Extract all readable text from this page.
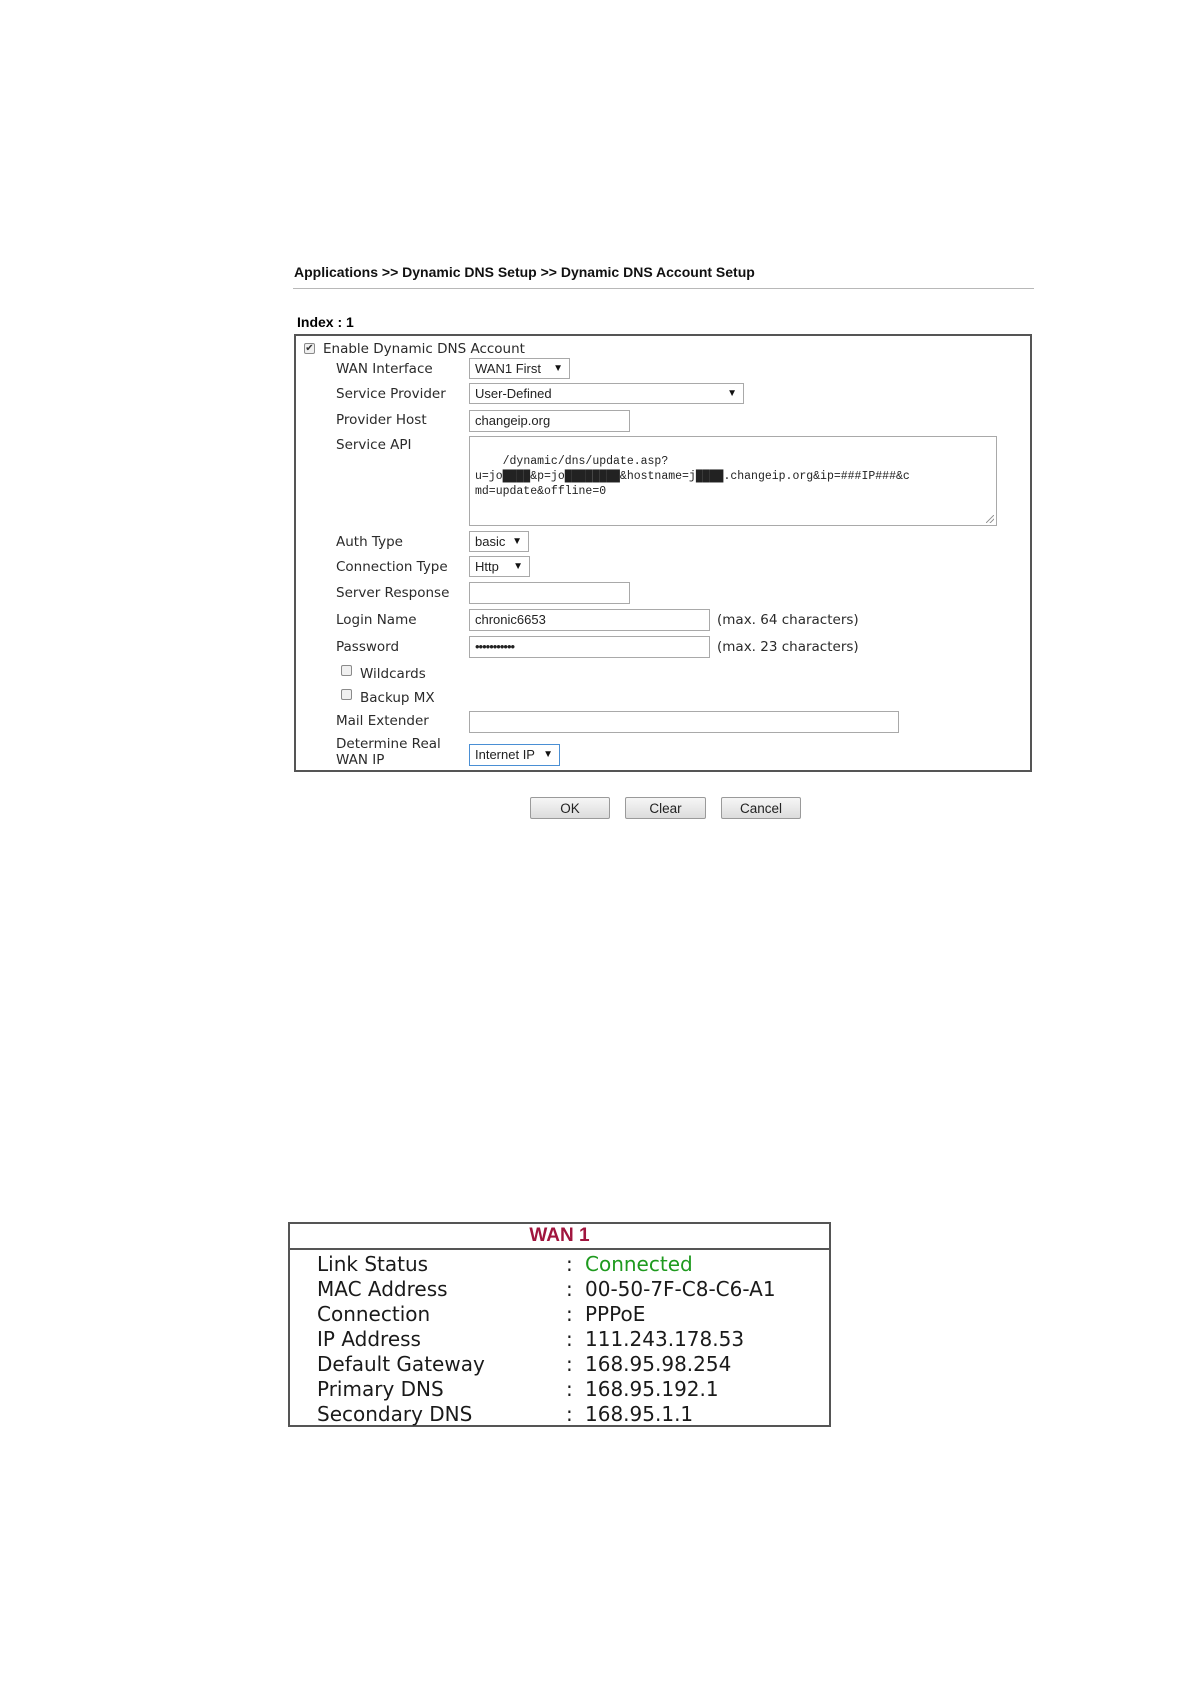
Applications >> Dynamic DNS Setup >> Dynamic DNS Account Setup
Index : 1
✔ Enable Dynamic DNS Account
WAN Interface	WAN1 First ▼
Service Provider User-Defined	▼
Provider Host	changeip.org
Service API

/dynamic/dns/update.asp?
u=jo████&p=jo████████&hostname=j████.changeip.org&ip=###IP###&c
md=update&offline=0

Auth Type	basic ▼
Connection Type Http ▼
Server Response
Login Name	chronic6653	(max. 64 characters)
Password	•••••••••••	(max. 23 characters)
Wildcards
Backup MX
Mail Extender
Determine Real
WAN IP	Internet IP ▼
OK	Clear	Cancel
WAN 1
Link Status	: Connected
MAC Address	: 00-50-7F-C8-C6-A1
Connection	: PPPoE
IP Address	: 111.243.178.53
Default Gateway	: 168.95.98.254
Primary DNS	: 168.95.192.1
Secondary DNS	: 168.95.1.1
